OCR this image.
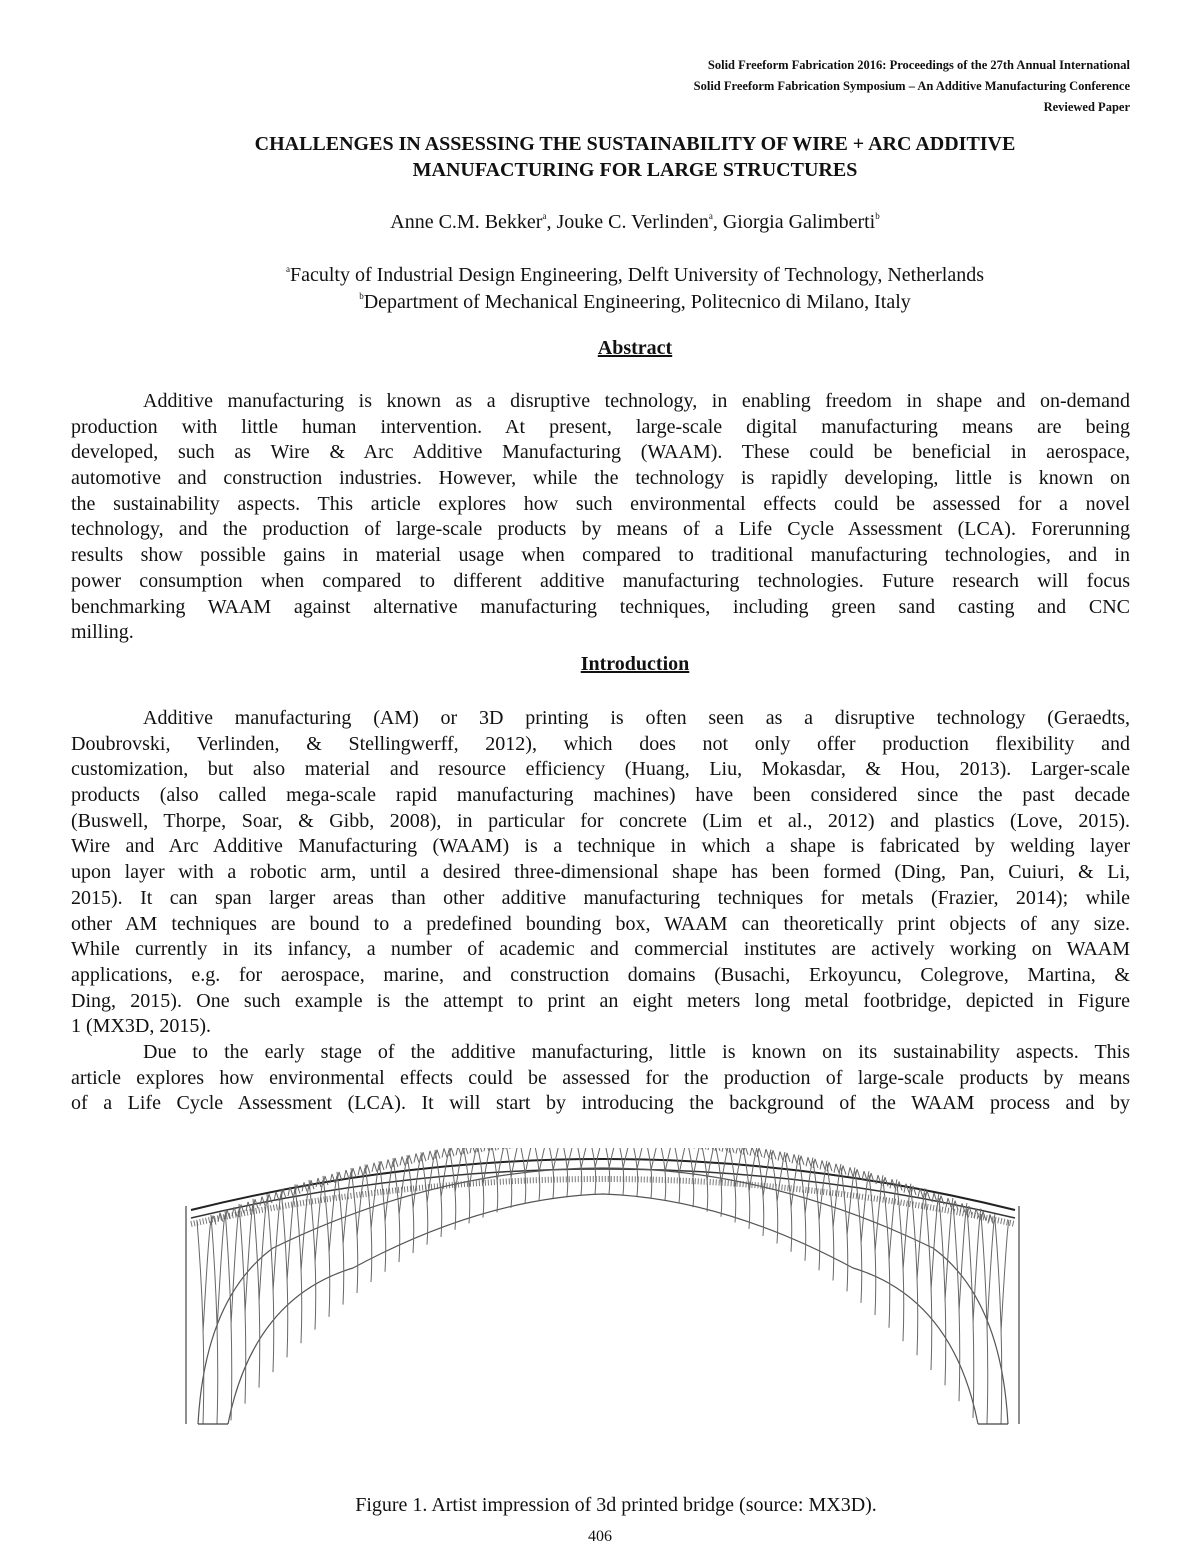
Solid Freeform Fabrication 2016: Proceedings of the 27th Annual International
Solid Freeform Fabrication Symposium – An Additive Manufacturing Conference
Reviewed Paper
CHALLENGES IN ASSESSING THE SUSTAINABILITY OF WIRE + ARC ADDITIVE
MANUFACTURING FOR LARGE STRUCTURES
Anne C.M. Bekker$^a$, Jouke C. Verlinden$^a$, Giorgia Galimberti$^b$
$^a$Faculty of Industrial Design Engineering, Delft University of Technology, Netherlands
$^b$Department of Mechanical Engineering, Politecnico di Milano, Italy
Abstract
Additive manufacturing is known as a disruptive technology, in enabling freedom in shape and on-demand
production with little human intervention. At present, large-scale digital manufacturing means are being
developed, such as Wire & Arc Additive Manufacturing (WAAM). These could be beneficial in aerospace,
automotive and construction industries. However, while the technology is rapidly developing, little is known on
the sustainability aspects. This article explores how such environmental effects could be assessed for a novel
technology, and the production of large-scale products by means of a Life Cycle Assessment (LCA). Forerunning
results show possible gains in material usage when compared to traditional manufacturing technologies, and in
power consumption when compared to different additive manufacturing technologies. Future research will focus
benchmarking WAAM against alternative manufacturing techniques, including green sand casting and CNC
milling.
Introduction
Additive manufacturing (AM) or 3D printing is often seen as a disruptive technology (Geraedts,
Doubrovski, Verlinden, & Stellingwerff, 2012), which does not only offer production flexibility and
customization, but also material and resource efficiency (Huang, Liu, Mokasdar, & Hou, 2013). Larger-scale
products (also called mega-scale rapid manufacturing machines) have been considered since the past decade
(Buswell, Thorpe, Soar, & Gibb, 2008), in particular for concrete (Lim et al., 2012) and plastics (Love, 2015).
Wire and Arc Additive Manufacturing (WAAM) is a technique in which a shape is fabricated by welding layer
upon layer with a robotic arm, until a desired three-dimensional shape has been formed (Ding, Pan, Cuiuri, & Li,
2015). It can span larger areas than other additive manufacturing techniques for metals (Frazier, 2014); while
other AM techniques are bound to a predefined bounding box, WAAM can theoretically print objects of any size.
While currently in its infancy, a number of academic and commercial institutes are actively working on WAAM
applications, e.g. for aerospace, marine, and construction domains (Busachi, Erkoyuncu, Colegrove, Martina, &
Ding, 2015). One such example is the attempt to print an eight meters long metal footbridge, depicted in Figure
1 (MX3D, 2015).
Due to the early stage of the additive manufacturing, little is known on its sustainability aspects. This
article explores how environmental effects could be assessed for the production of large-scale products by means
of a Life Cycle Assessment (LCA). It will start by introducing the background of the WAAM process and by
Figure 1. Artist impression of 3d printed bridge (source: MX3D).
406
